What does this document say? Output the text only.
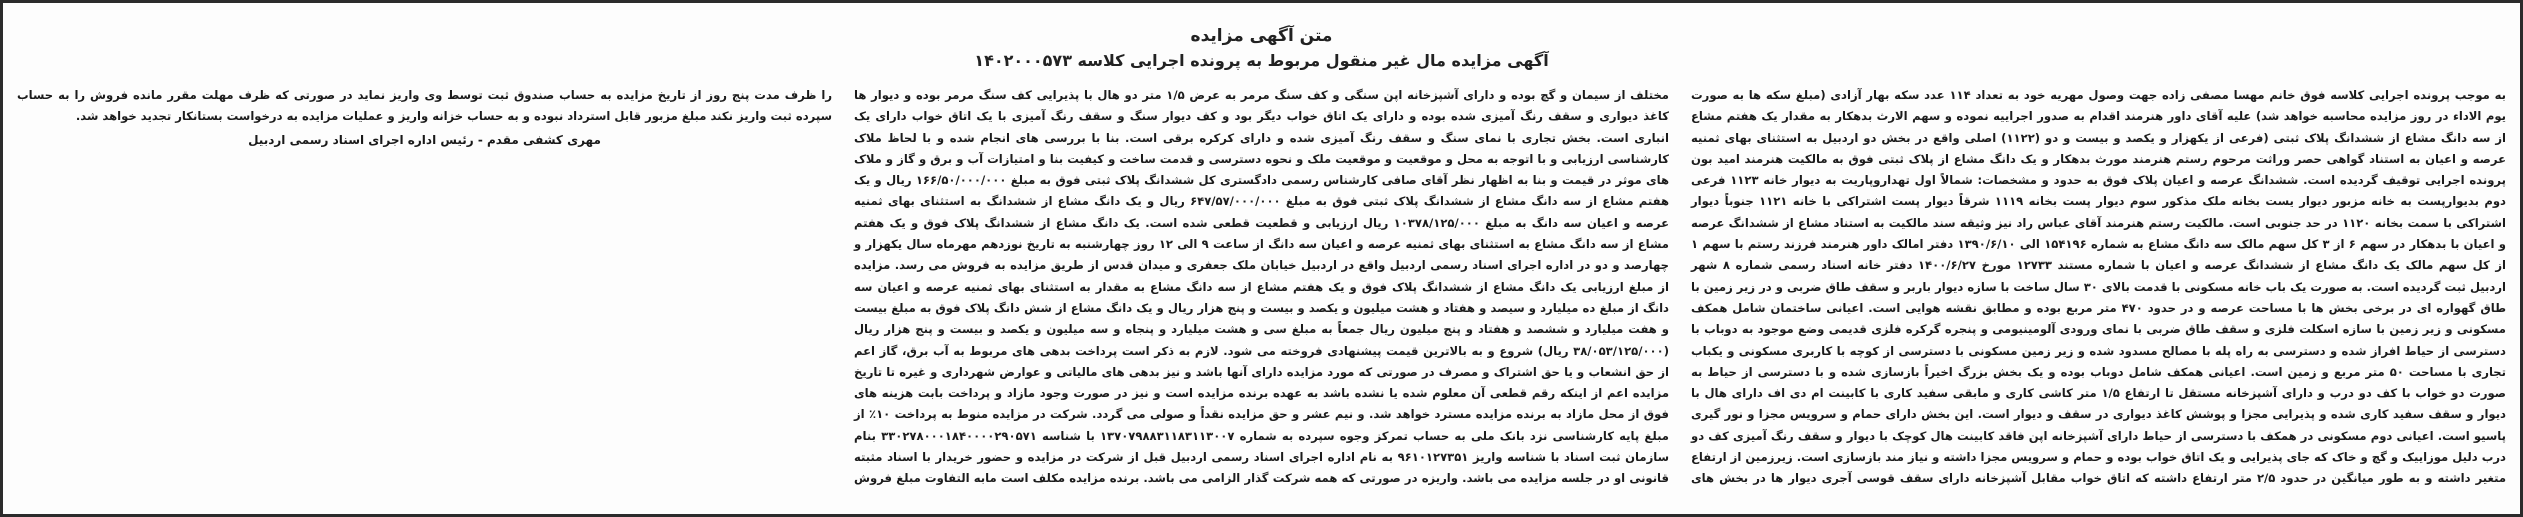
متن آگهی مزایده

آگهی مزایده مال غیر منقول مربوط به پرونده اجرایی کلاسه ۱۴۰۲۰۰۰۵۷۳

به موجب پرونده اجرایی کلاسه فوق خانم مهسا مصفی زاده جهت وصول مهریه خود به تعداد ۱۱۴ عدد سکه بهار آزادی (مبلغ سکه ها به صورت یوم الاداء در روز مزایده محاسبه خواهد شد) علیه آقای داور هنرمند اقدام به صدور اجراییه نموده و سهم الارث بدهکار به مقدار یک هفتم مشاع از سه دانگ مشاع از ششدانگ پلاک ثبتی (فرعی از یکهزار و یکصد و بیست و دو (۱۱۲۲) اصلی واقع در بخش دو اردبیل به استثنای بهای ثمنیه عرصه و اعیان به استناد گواهی حصر وراثت مرحوم رستم هنرمند مورث بدهکار و یک دانگ مشاع از پلاک ثبتی فوق به مالکیت هنرمند امید بون پرونده اجرایی توقیف گردیده است. ششدانگ عرصه و اعیان پلاک فوق به حدود و مشخصات: شمالاً اول تهداروپاریت به دیوار خانه ۱۱۲۳ فرعی دوم بدیوارپست به خانه مزبور دیوار یست بخانه ملک مذکور سوم دیوار پست بخانه ۱۱۱۹ شرقاً دیوار پست اشتراکی با خانه ۱۱۲۱ جنوباً دیوار اشتراکی با سمت بخانه ۱۱۲۰ در حد جنوبی است. مالکیت رستم هنرمند آقای عباس راد نیز وثیقه سند مالکیت به استناد مشاع از ششدانگ عرصه و اعیان با بدهکار در سهم ۶ از ۳ کل سهم مالک سه دانگ مشاع به شماره ۱۵۴۱۹۶ الی ۱۳۹۰/۶/۱۰ دفتر امالک داور هنرمند فرزند رستم با سهم ۱ از کل سهم مالک یک دانگ مشاع از ششدانگ عرصه و اعیان با شماره مستند ۱۲۷۳۳ مورخ ۱۴۰۰/۶/۲۷ دفتر خانه اسناد رسمی شماره ۸ شهر اردبیل ثبت گردیده است. به صورت یک باب خانه مسکونی با قدمت بالای ۳۰ سال ساخت با سازه دیوار باربر و سقف طاق ضربی و در زیر زمین با طاق گهواره ای در برخی بخش ها با مساحت عرصه و در حدود ۴۷۰ متر مربع بوده و مطابق نقشه هوایی است. اعیانی ساختمان شامل همکف مسکونی و زیر زمین با سازه اسکلت فلزی و سقف طاق ضربی با نمای ورودی آلومینیومی و پنجره گرکره فلزی قدیمی وضع موجود به دوباب با دسترسی از حیاط افراز شده و دسترسی به راه پله با مصالح مسدود شده و زیر زمین مسکونی با دسترسی از کوچه با کاربری مسکونی و یکباب تجاری با مساحت ۵۰ متر مربع و زمین است. اعیانی همکف شامل دوباب بوده و یک بخش بزرگ اخیراً بازسازی شده و با دسترسی از حیاط به صورت دو خواب با کف دو درب و دارای آشپزخانه مستقل تا ارتفاع ۱/۵ متر کاشی کاری و مابقی سفید کاری با کابینت ام دی اف دارای هال با دیوار و سقف سفید کاری شده و پذیرایی مجزا و پوشش کاغذ دیواری در سقف و دیوار است. این بخش دارای حمام و سرویس مجزا و نور گیری پاسیو است. اعیانی دوم مسکونی در همکف با دسترسی از حیاط دارای آشپزخانه اپن فاقد کابینت هال کوچک با دیوار و سقف رنگ آمیزی کف دو درب دلیل موزاییک و گچ و خاک که جای پذیرایی و یک اتاق خواب بوده و حمام و سرویس مجزا داشته و نیاز مند بازسازی است. زیرزمین از ارتفاع متغیر داشته و به طور میانگین در حدود ۲/۵ متر ارتفاع داشته که اتاق خواب مقابل آشپزخانه دارای سقف قوسی آجری دیوار ها در بخش های مختلف از سیمان و گچ بوده و دارای آشپزخانه اپن سنگی و کف سنگ مرمر به عرض ۱/۵ متر دو هال با پذیرایی کف سنگ مرمر بوده و دیوار ها کاغذ دیواری و سقف رنگ آمیزی شده بوده و دارای یک اتاق خواب دیگر بود و کف دیوار سنگ و سقف رنگ آمیزی با یک اتاق خواب دارای یک انباری است. بخش تجاری با نمای سنگ و سقف رنگ آمیزی شده و دارای کرکره برقی است. بنا با بررسی های انجام شده و با لحاظ ملاک کارشناسی ارزیابی و با اتوجه به محل و موقعیت و موقعیت ملک و نحوه دسترسی و قدمت ساخت و کیفیت بنا و امتیازات آب و برق و گاز و ملاک های موثر در قیمت و بنا به اظهار نظر آقای صافی کارشناس رسمی دادگستری کل ششدانگ پلاک ثبتی فوق به مبلغ ۱۶۶/۵۰/۰۰۰/۰۰۰ ریال و یک هفتم مشاع از سه دانگ مشاع از ششدانگ پلاک ثبتی فوق به مبلغ ۶۴۷/۵۷/۰۰۰/۰۰۰ ریال و یک دانگ مشاع از ششدانگ به استثنای بهای ثمنیه عرصه و اعیان سه دانگ به مبلغ ۱۰۳۷۸/۱۲۵/۰۰۰ ریال ارزیابی و قطعیت قطعی شده است. یک دانگ مشاع از ششدانگ پلاک فوق و یک هفتم مشاع از سه دانگ مشاع به استثنای بهای ثمنیه عرصه و اعیان سه دانگ از ساعت ۹ الی ۱۲ روز چهارشنبه به تاریخ نوزدهم مهرماه سال یکهزار و چهارصد و دو در اداره اجرای اسناد رسمی اردبیل واقع در اردبیل خیابان ملک جعفری و میدان قدس از طریق مزایده به فروش می رسد. مزایده از مبلغ ارزیابی یک دانگ مشاع از ششدانگ پلاک فوق و یک هفتم مشاع از سه دانگ مشاع به مقدار به استثنای بهای ثمنیه عرصه و اعیان سه دانگ از مبلغ ده میلیارد و سیصد و هفتاد و هشت میلیون و یکصد و بیست و پنج هزار ریال و یک دانگ مشاع از شش دانگ پلاک فوق به مبلغ بیست و هفت میلیارد و ششصد و هفتاد و پنج میلیون ریال جمعاً به مبلغ سی و هشت میلیارد و پنجاه و سه میلیون و یکصد و بیست و پنج هزار ریال (۳۸/۰۵۳/۱۲۵/۰۰۰ ریال) شروع و به بالاترین قیمت پیشنهادی فروخته می شود. لازم به ذکر است پرداخت بدهی های مربوط به آب برق، گاز اعم از حق انشعاب و یا حق اشتراک و مصرف در صورتی که مورد مزایده دارای آنها باشد و نیز بدهی های مالیاتی و عوارض شهرداری و غیره تا تاریخ مزایده اعم از اینکه رقم قطعی آن معلوم شده یا نشده باشد به عهده برنده مزایده است و نیز در صورت وجود مازاد و پرداخت بابت هزینه های فوق از محل مازاد به برنده مزایده مسترد خواهد شد. و نیم عشر و حق مزایده نقداً و صولی می گردد. شرکت در مزایده منوط به پرداخت ۱۰٪ از مبلغ پایه کارشناسی نزد بانک ملی به حساب تمرکز وجوه سپرده به شماره ۱۳۷۰۷۹۸۸۳۱۱۸۳۱۱۳۰۰۷ با شناسه ۳۳۰۲۷۸۰۰۰۱۸۴۰۰۰۰۲۹۰۵۷۱ بنام سازمان ثبت اسناد با شناسه واریز ۹۶۱۰۱۲۷۳۵۱ به نام اداره اجرای اسناد رسمی اردبیل قبل از شرکت در مزایده و حضور خریدار با اسناد مثبته قانونی او در جلسه مزایده می باشد. واریزه در صورتی که همه شرکت گذار الزامی می باشد. برنده مزایده مکلف است مابه التفاوت مبلغ فروش را ظرف مدت پنج روز از تاریخ مزایده به حساب صندوق ثبت توسط وی واریز نماید در صورتی که ظرف مهلت مقرر مانده فروش را به حساب سپرده ثبت واریز نکند مبلغ مزبور قابل استرداد نبوده و به حساب خزانه واریز و عملیات مزایده به درخواست بستانکار تجدید خواهد شد.

مهری کشفی مقدم - رئیس اداره اجرای اسناد رسمی اردبیل
